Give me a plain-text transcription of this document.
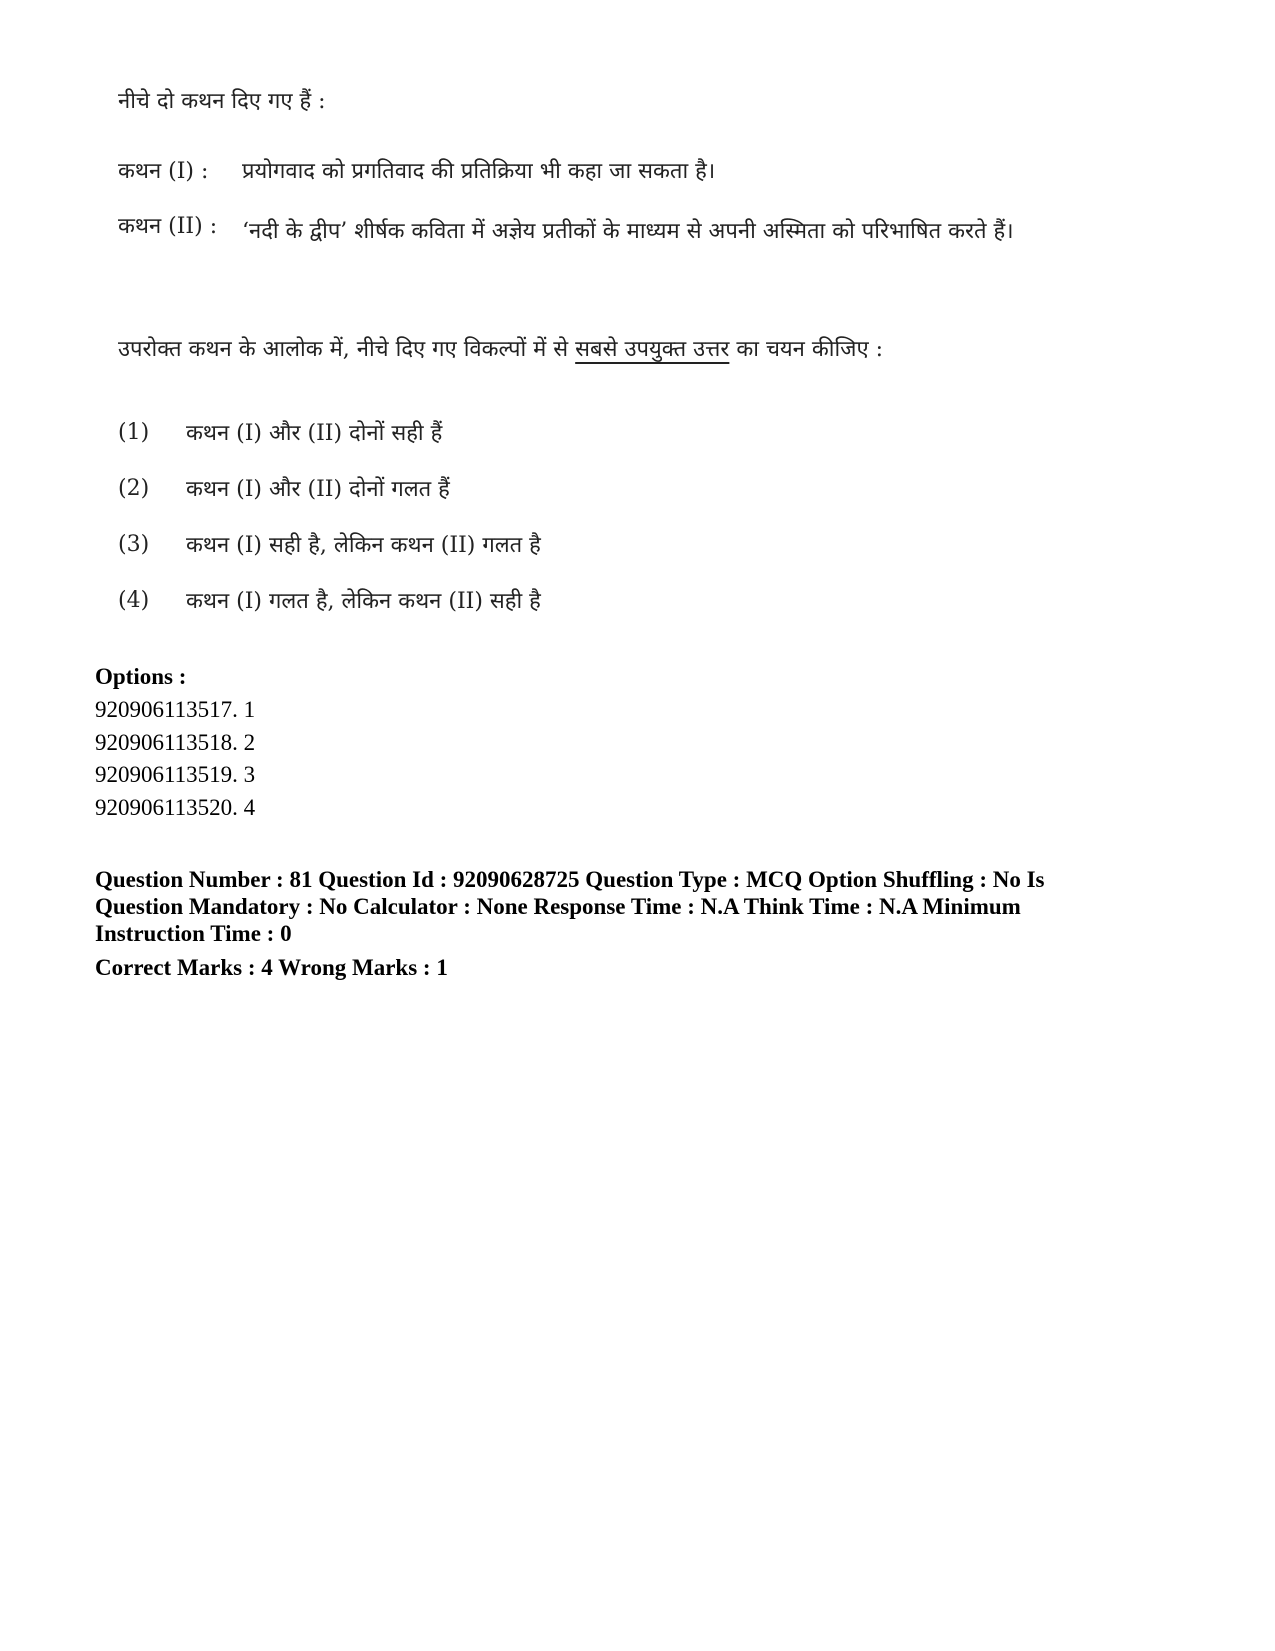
नीचे दो कथन दिए गए हैं :

कथन (I) :	प्रयोगवाद को प्रगतिवाद की प्रतिक्रिया भी कहा जा सकता है।
कथन (II) :	‘नदी के द्वीप’ शीर्षक कविता में अज्ञेय प्रतीकों के माध्यम से अपनी अस्मिता को परिभाषित करते हैं।
उपरोक्त कथन के आलोक में, नीचे दिए गए विकल्पों में से सबसे उपयुक्त उत्तर का चयन कीजिए :
(1)	कथन (I) और (II) दोनों सही हैं
(2)	कथन (I) और (II) दोनों गलत हैं
(3)	कथन (I) सही है, लेकिन कथन (II) गलत है
(4)	कथन (I) गलत है, लेकिन कथन (II) सही है

Options :

920906113517. 1
920906113518. 2
920906113519. 3
920906113520. 4
Question Number : 81 Question Id : 92090628725 Question Type : MCQ Option Shuffling : No Is
Question Mandatory : No Calculator : None Response Time : N.A Think Time : N.A Minimum
Instruction Time : 0

Correct Marks : 4 Wrong Marks : 1
